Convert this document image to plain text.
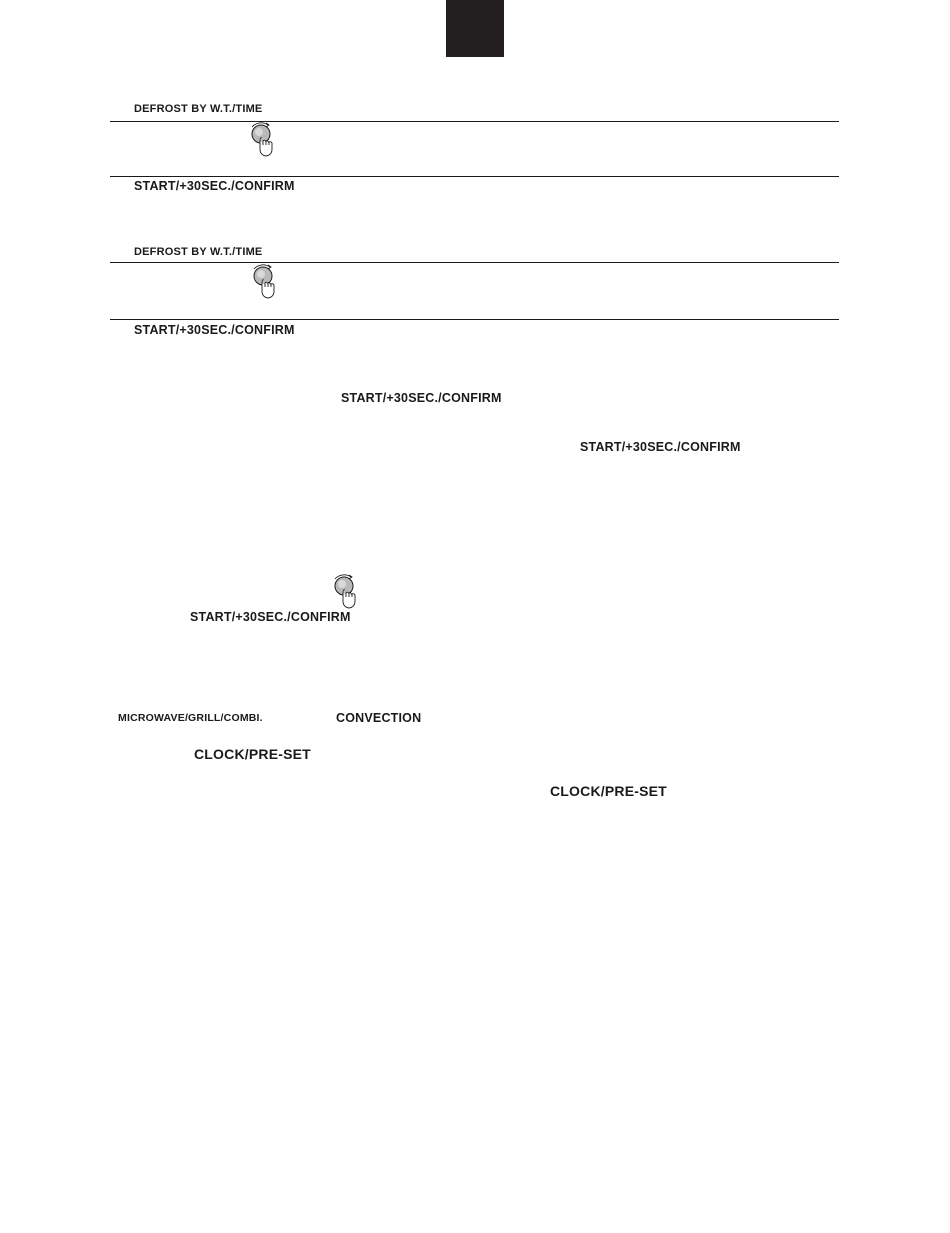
DEFROST BY W.T./TIME
START/+30SEC./CONFIRM
DEFROST BY W.T./TIME
START/+30SEC./CONFIRM
START/+30SEC./CONFIRM
START/+30SEC./CONFIRM
START/+30SEC./CONFIRM
MICROWAVE/GRILL/COMBI.	CONVECTION
CLOCK/PRE-SET
CLOCK/PRE-SET
